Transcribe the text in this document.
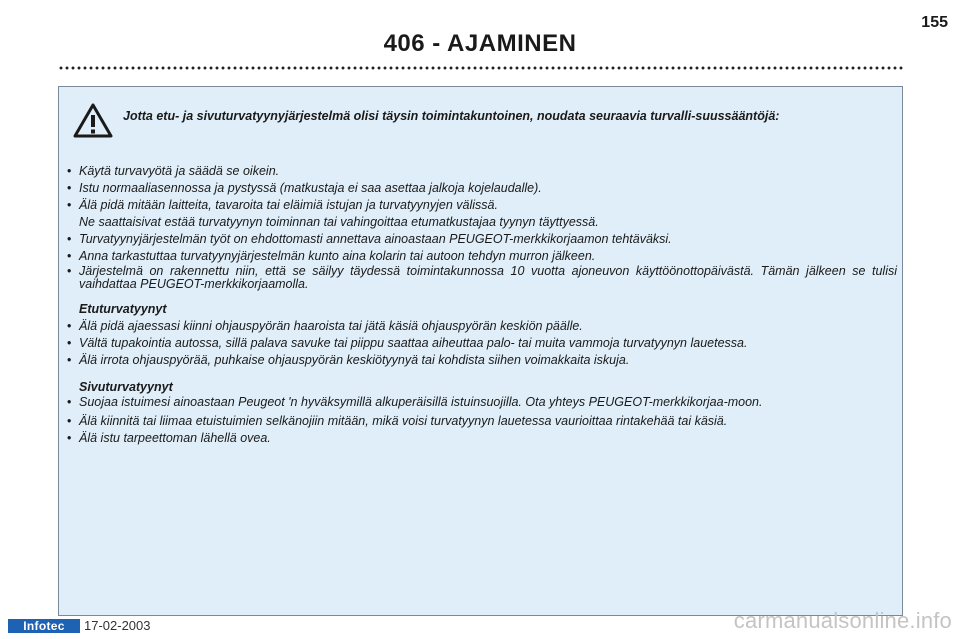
155
406 - AJAMINEN
Jotta etu- ja sivuturvatyynyjärjestelmä olisi täysin toimintakuntoinen, noudata seuraavia turvalli-suussääntöjä:
• Käytä turvavyötä ja säädä se oikein.
• Istu normaaliasennossa ja pystyssä (matkustaja ei saa asettaa jalkoja kojelaudalle).
• Älä pidä mitään laitteita, tavaroita tai eläimiä istujan ja turvatyynyjen välissä.
Ne saattaisivat estää turvatyynyn toiminnan tai vahingoittaa etumatkustajaa tyynyn täyttyessä.
• Turvatyynyjärjestelmän työt on ehdottomasti annettava ainoastaan PEUGEOT-merkkikorjaamon tehtäväksi.
• Anna tarkastuttaa turvatyynyjärjestelmän kunto aina kolarin tai autoon tehdyn murron jälkeen.
• Järjestelmä on rakennettu niin, että se säilyy täydessä toimintakunnossa 10 vuotta ajoneuvon käyttöönottopäivästä. Tämän jälkeen se tulisi vaihdattaa PEUGEOT-merkkikorjaamolla.
Etuturvatyynyt
• Älä pidä ajaessasi kiinni ohjauspyörän haaroista tai jätä käsiä ohjauspyörän keskiön päälle.
• Vältä tupakointia autossa, sillä palava savuke tai piippu saattaa aiheuttaa palo- tai muita vammoja turvatyynyn lauetessa.
• Älä irrota ohjauspyörää, puhkaise ohjauspyörän keskiötyynyä tai kohdista siihen voimakkaita iskuja.
Sivuturvatyynyt
• Suojaa istuimesi ainoastaan Peugeot 'n hyväksymillä alkuperäisillä istuinsuojilla. Ota yhteys PEUGEOT-merkkikorjaa-moon.
• Älä kiinnitä tai liimaa etuistuimien selkänojiin mitään, mikä voisi turvatyynyn lauetessa vaurioittaa rintakehää tai käsiä.
• Älä istu tarpeettoman lähellä ovea.
Infotec	17-02-2003	carmanualsonline.info
